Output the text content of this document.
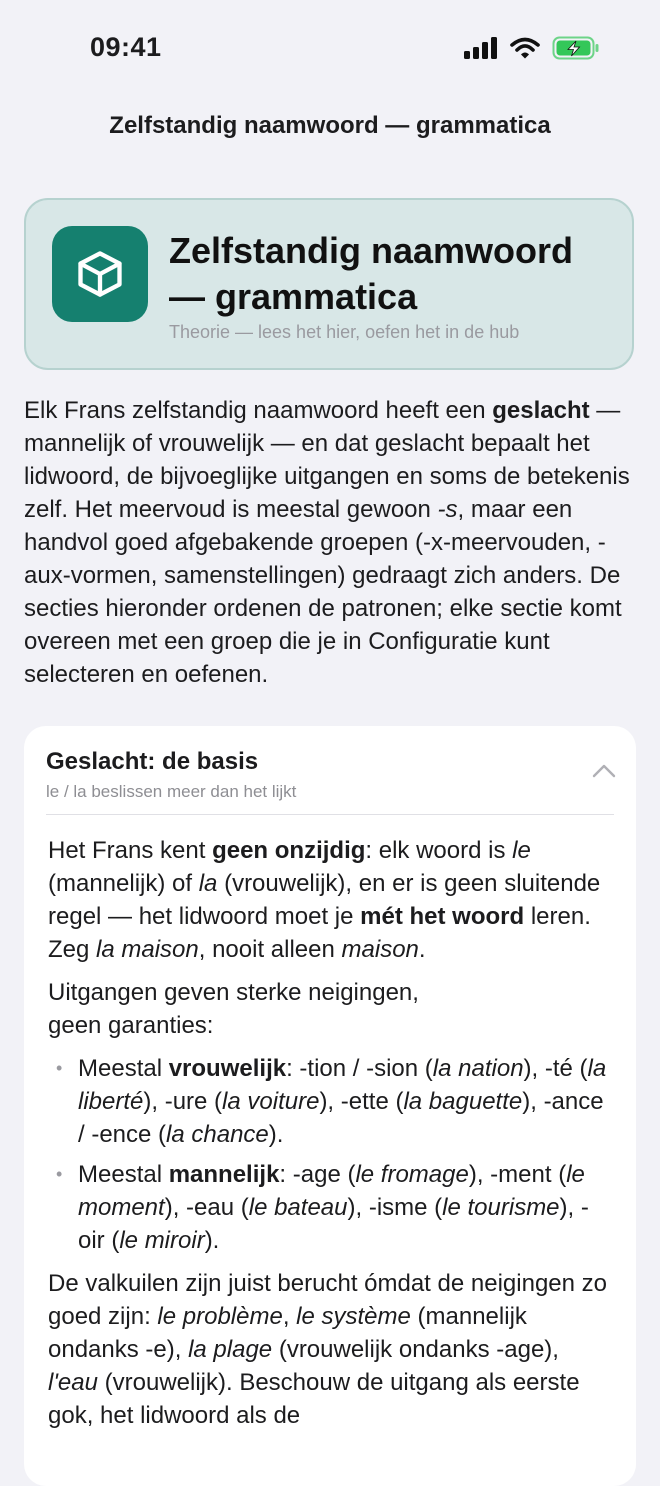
09:41
Zelfstandig naamwoord — grammatica
Zelfstandig naamwoord
— grammatica
Theorie — lees het hier, oefen het in de hub

Elk Frans zelfstandig naamwoord heeft een geslacht — mannelijk of vrouwelijk — en dat geslacht bepaalt het lidwoord, de bijvoeglijke uitgangen en soms de betekenis zelf. Het meervoud is meestal gewoon -s, maar een handvol goed afgebakende groepen (-x-meervouden, -aux-vormen, samenstellingen) gedraagt zich anders. De secties hieronder ordenen de patronen; elke sectie komt overeen met een groep die je in Configuratie kunt selecteren en oefenen.

Geslacht: de basis
le / la beslissen meer dan het lijkt

Het Frans kent geen onzijdig: elk woord is le (mannelijk) of la (vrouwelijk), en er is geen sluitende regel — het lidwoord moet je mét het woord leren. Zeg la maison, nooit alleen maison.

Uitgangen geven sterke neigingen, geen garanties:

• Meestal vrouwelijk: -tion / -sion (la nation), -té (la liberté), -ure (la voiture), -ette (la baguette), -ance / -ence (la chance).
• Meestal mannelijk: -age (le fromage), -ment (le moment), -eau (le bateau), -isme (le tourisme), -oir (le miroir).

De valkuilen zijn juist berucht ómdat de neigingen zo goed zijn: le problème, le système (mannelijk ondanks -e), la plage (vrouwelijk ondanks -age), l'eau (vrouwelijk). Beschouw de uitgang als eerste gok, het lidwoord als de
